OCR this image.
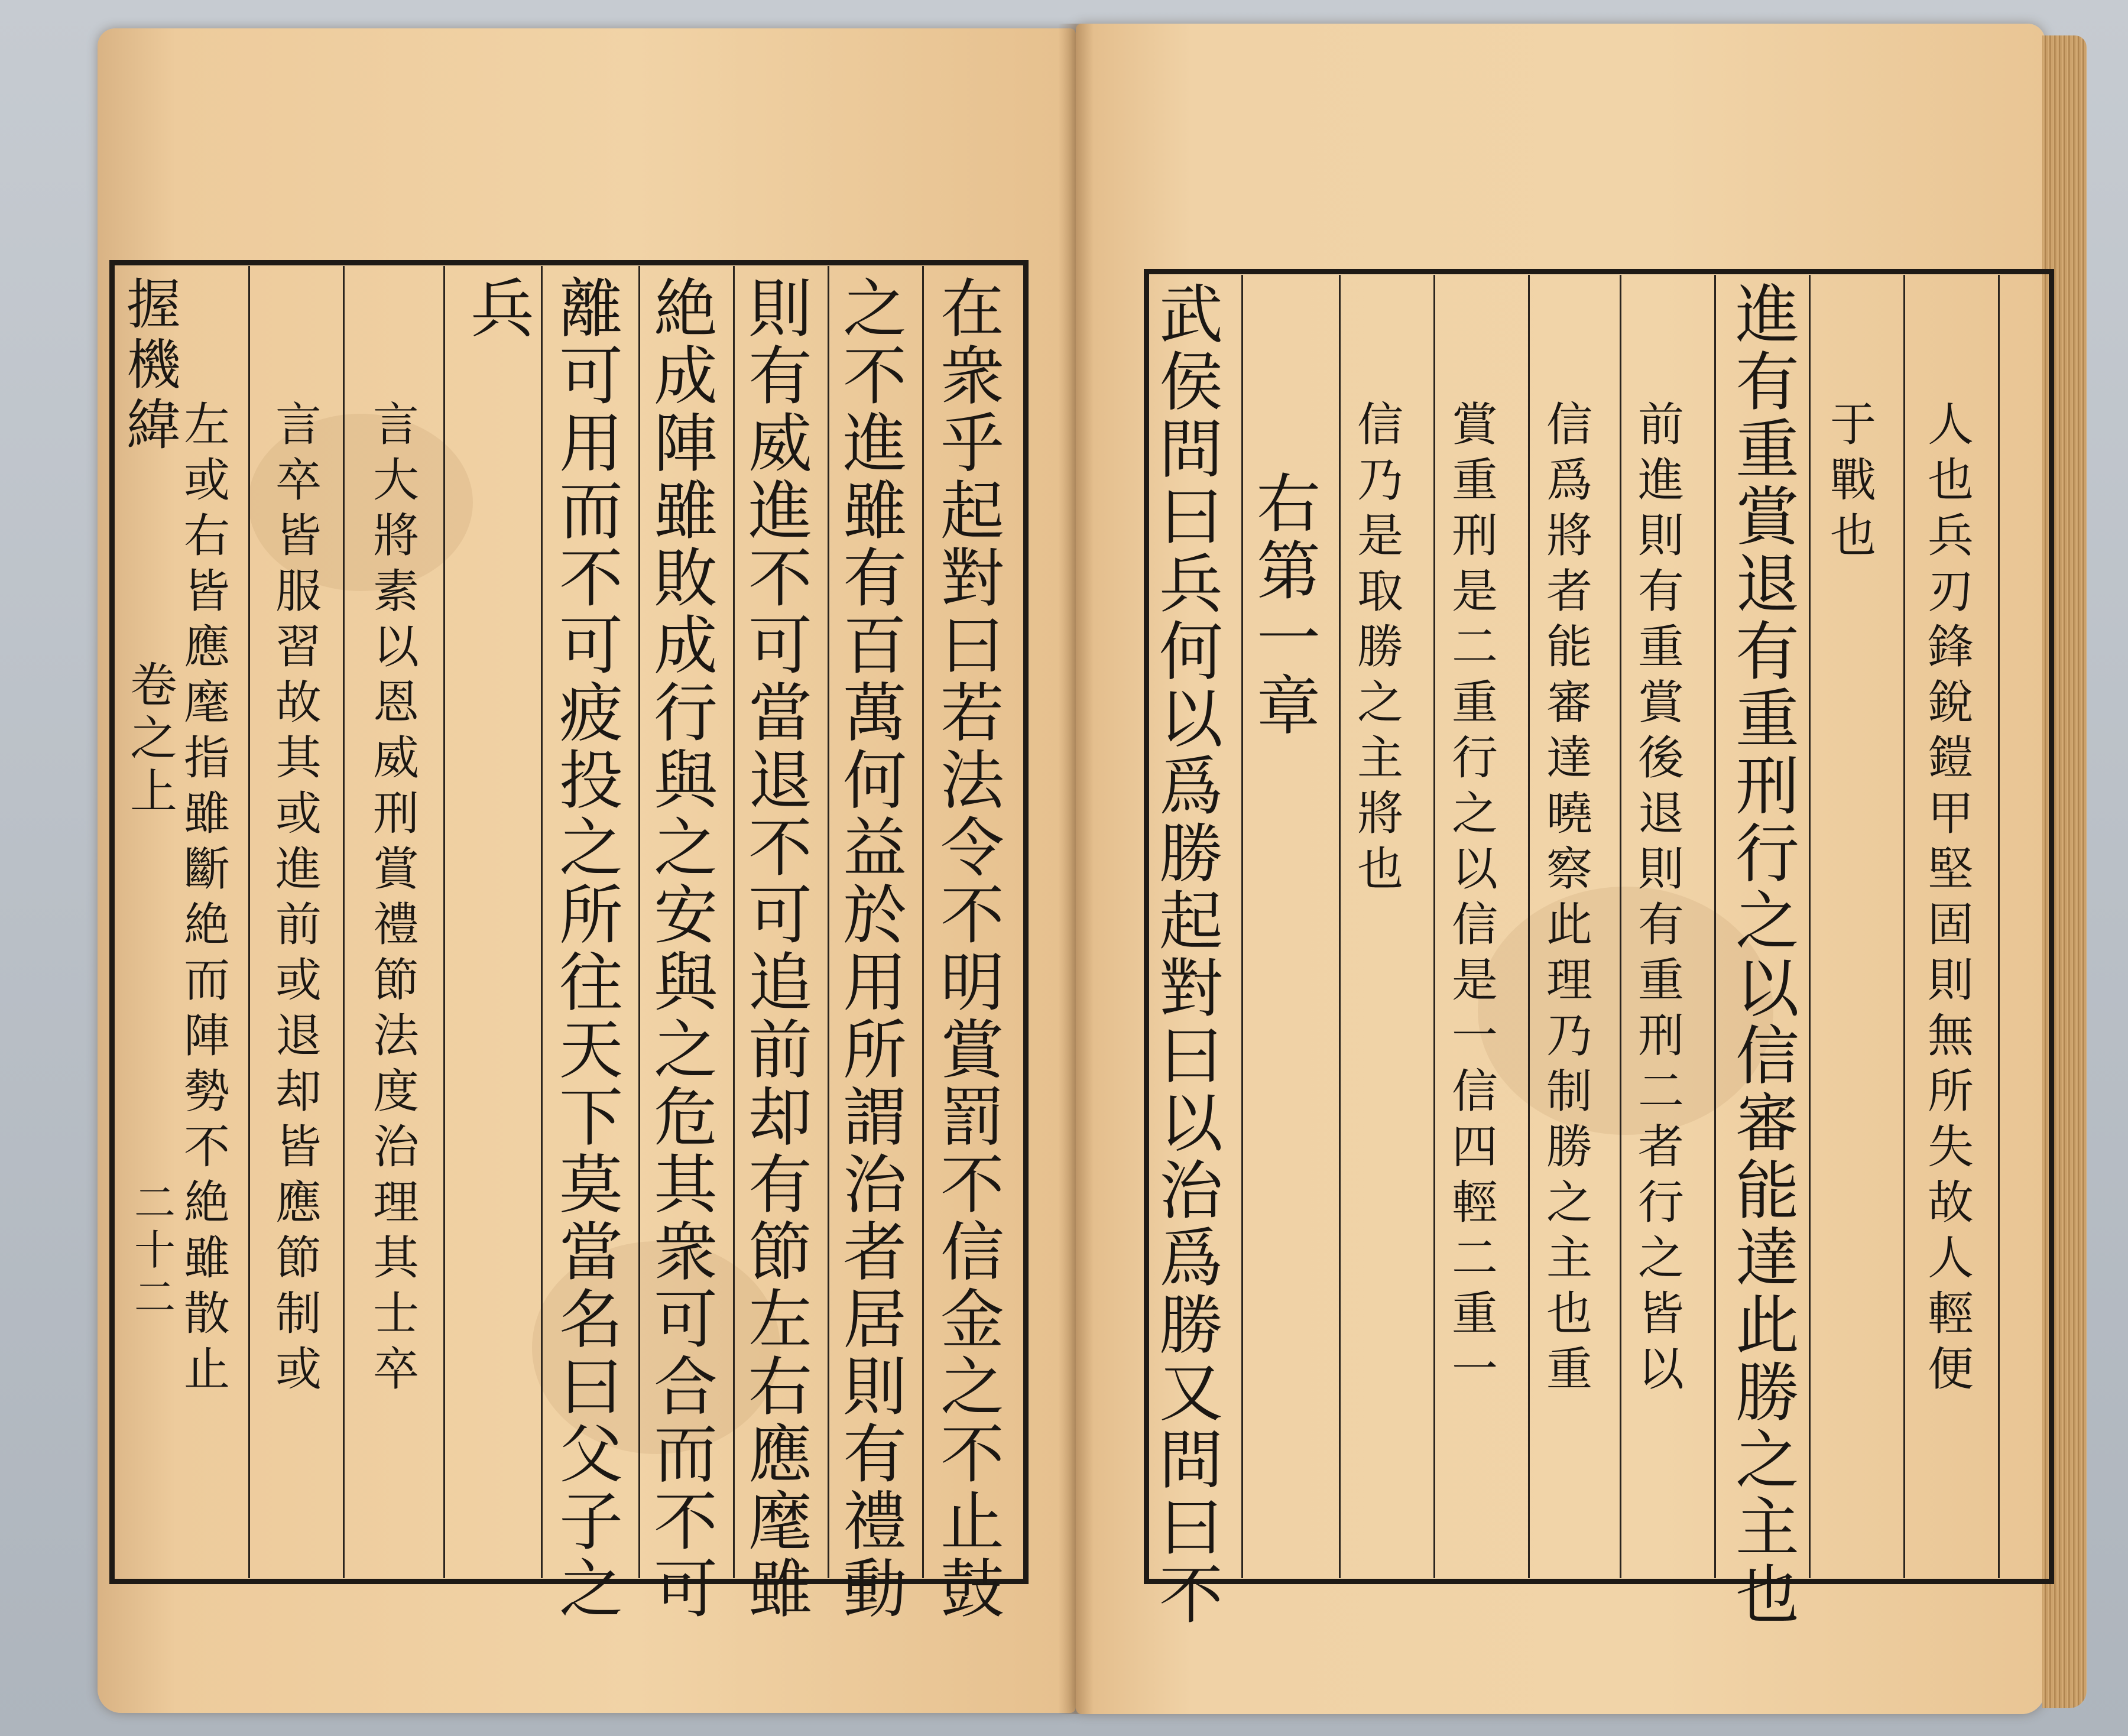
握
機
緯
卷
之
上
二
十
二
左
或
右
皆
應
麾
指
雖
斷
絶
而
陣
勢
不
絶
雖
散
止
言
卒
皆
服
習
故
其
或
進
前
或
退
却
皆
應
節
制
或
言
大
將
素
以
恩
威
刑
賞
禮
節
法
度
治
理
其
士
卒
兵 離
可
用
而
不
可
疲
投
之
所
往
天
下
莫
當
名
曰
父
子
之
絶
成
陣
雖
敗
成
行
與
之
安
與
之
危
其
衆
可
合
而
不
可
則
有
威
進
不
可
當
退
不
可
追
前
却
有
節
左
右
應
麾
雖
之
不
進
雖
有
百
萬
何
益
於
用
所
謂
治
者
居
則
有
禮
動
在
衆
乎
起
對
曰
若
法
令
不
明
賞
罰
不
信
金
之
不
止
鼓
武
侯
問
曰
兵
何
以
爲
勝
起
對
曰
以
治
爲
勝
又
問
曰
不
右
第
一
章
信
乃
是
取
勝
之
主
將
也
賞
重
刑
是
二
重
行
之
以
信
是
一
信
四
輕
二
重
一
信
爲
將
者
能
審
達
曉
察
此
理
乃
制
勝
之
主
也
重
前
進
則
有
重
賞
後
退
則
有
重
刑
二
者
行
之
皆
以
進
有
重
賞
退
有
重
刑
行
之
以
信
審
能
達
此
勝
之
主
也
于
戰
也
人
也
兵
刃
鋒
銳
鎧
甲
堅
固
則
無
所
失
故
人
輕
便
